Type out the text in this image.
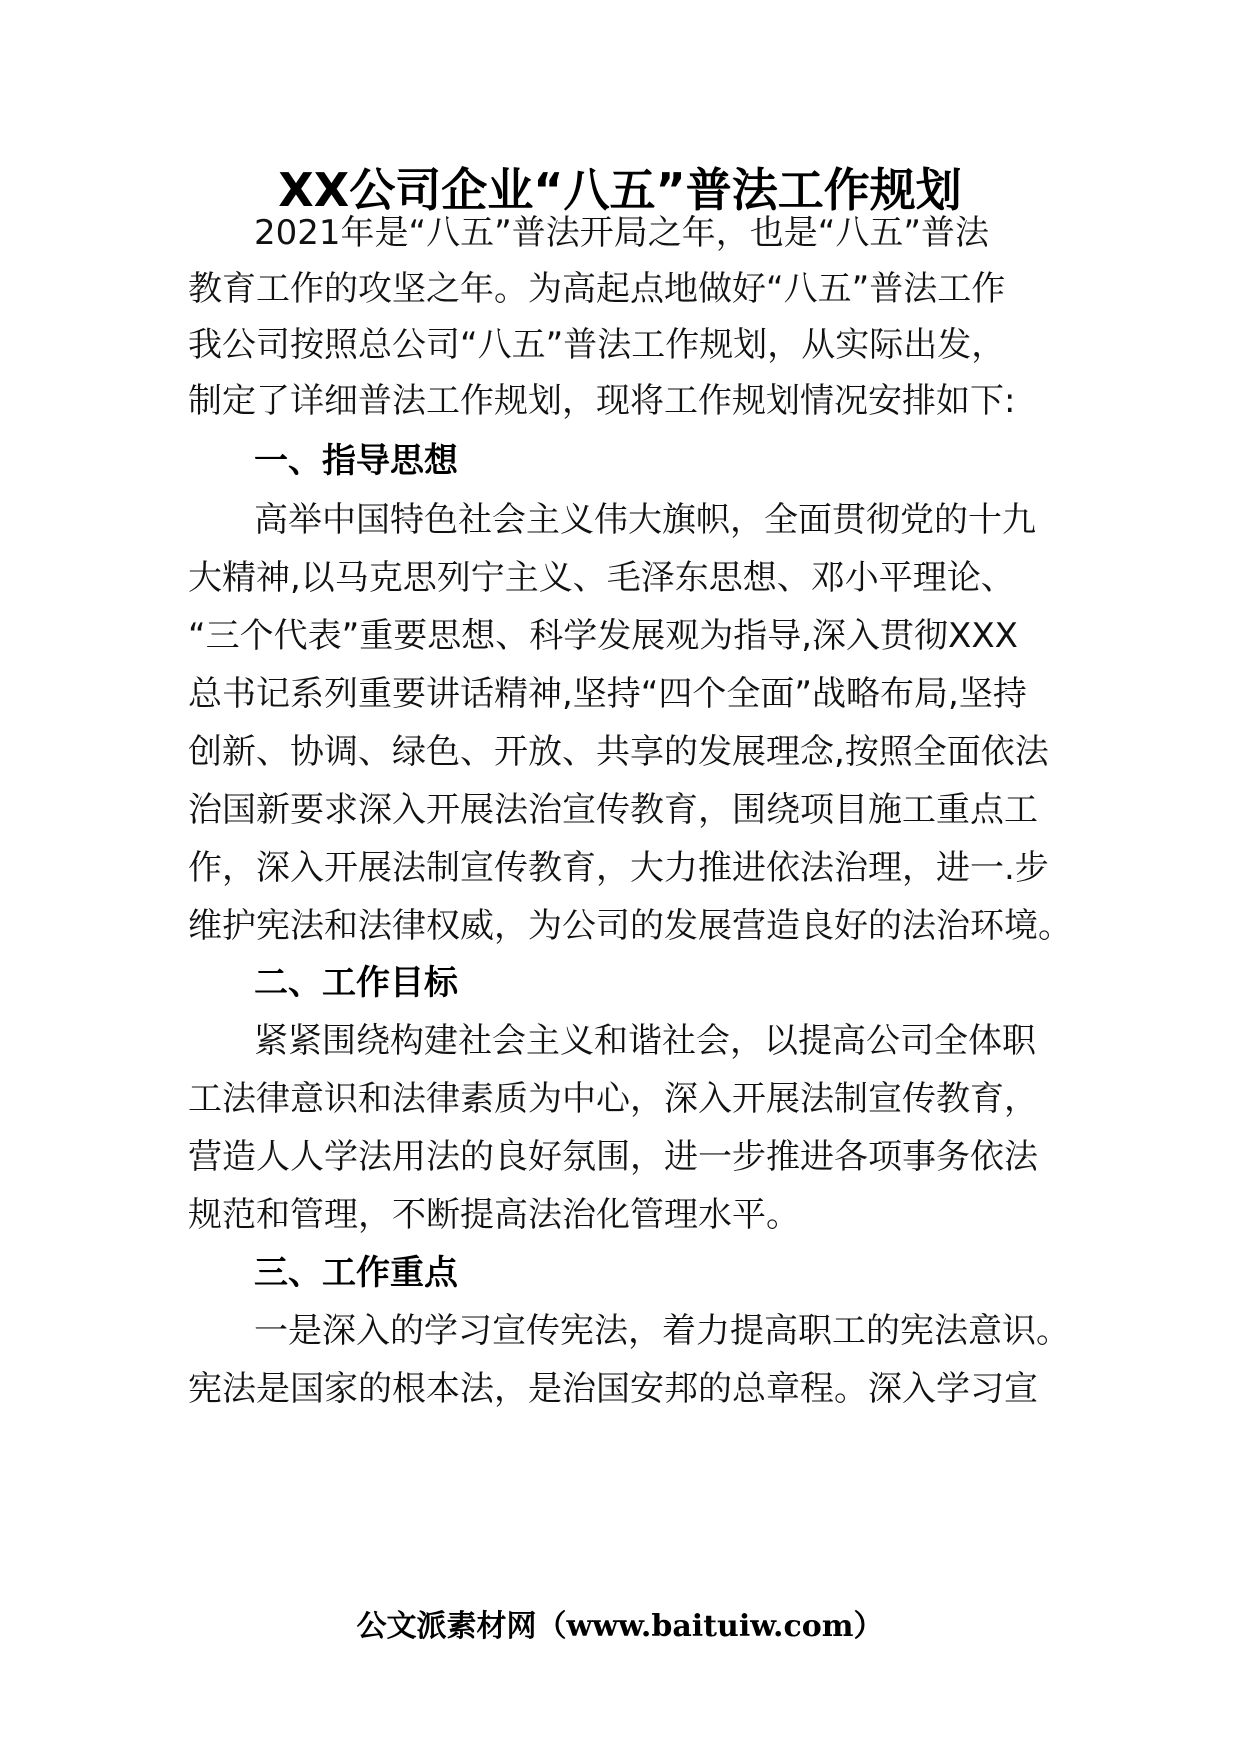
XX公司企业“八五”普法工作规划
2021年是“八五”普法开局之年，也是“八五”普法
教育工作的攻坚之年。为高起点地做好“八五”普法工作
我公司按照总公司“八五”普法工作规划，从实际出发，
制定了详细普法工作规划，现将工作规划情况安排如下:
一、指导思想
高举中国特色社会主义伟大旗帜，全面贯彻党的十九
大精神,以马克思列宁主义、毛泽东思想、邓小平理论、
“三个代表”重要思想、科学发展观为指导,深入贯彻XXX
总书记系列重要讲话精神,坚持“四个全面”战略布局,坚持
创新、协调、绿色、开放、共享的发展理念,按照全面依法
治国新要求深入开展法治宣传教育，围绕项目施工重点工
作，深入开展法制宣传教育，大力推进依法治理，进一.步
维护宪法和法律权威，为公司的发展营造良好的法治环境。
二、工作目标
紧紧围绕构建社会主义和谐社会，以提高公司全体职
工法律意识和法律素质为中心，深入开展法制宣传教育，
营造人人学法用法的良好氛围，进一步推进各项事务依法
规范和管理，不断提高法治化管理水平。
三、工作重点
一是深入的学习宣传宪法，着力提高职工的宪法意识。
宪法是国家的根本法，是治国安邦的总章程。深入学习宣
公文派素材网（www.baituiw.com）
